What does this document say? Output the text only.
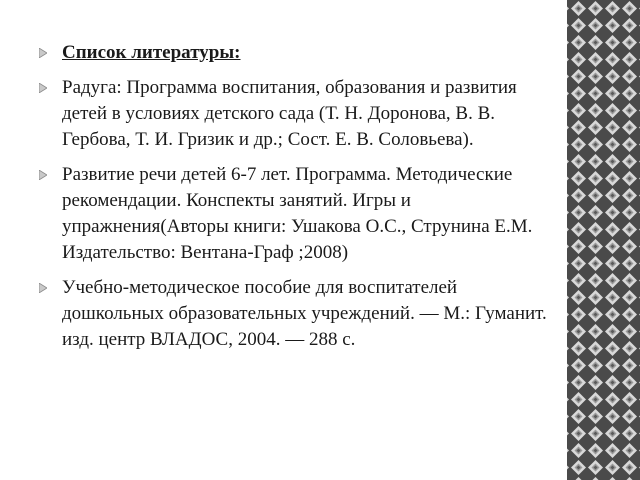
Список литературы:
Радуга: Программа воспитания, образования и развития детей в условиях детского сада (Т. Н. Доронова, В. В. Гербова, Т. И. Гризик и др.; Сост. Е. В. Соловьева).
Развитие речи детей 6-7 лет. Программа. Методические рекомендации. Конспекты занятий. Игры и упражнения(Авторы книги: Ушакова О.С., Струнина Е.М. Издательство: Вентана-Граф ;2008)
Учебно-методическое пособие для воспитателей дошкольных образовательных учреждений. — М.: Гуманит. изд. центр ВЛАДОС, 2004. — 288 с.
